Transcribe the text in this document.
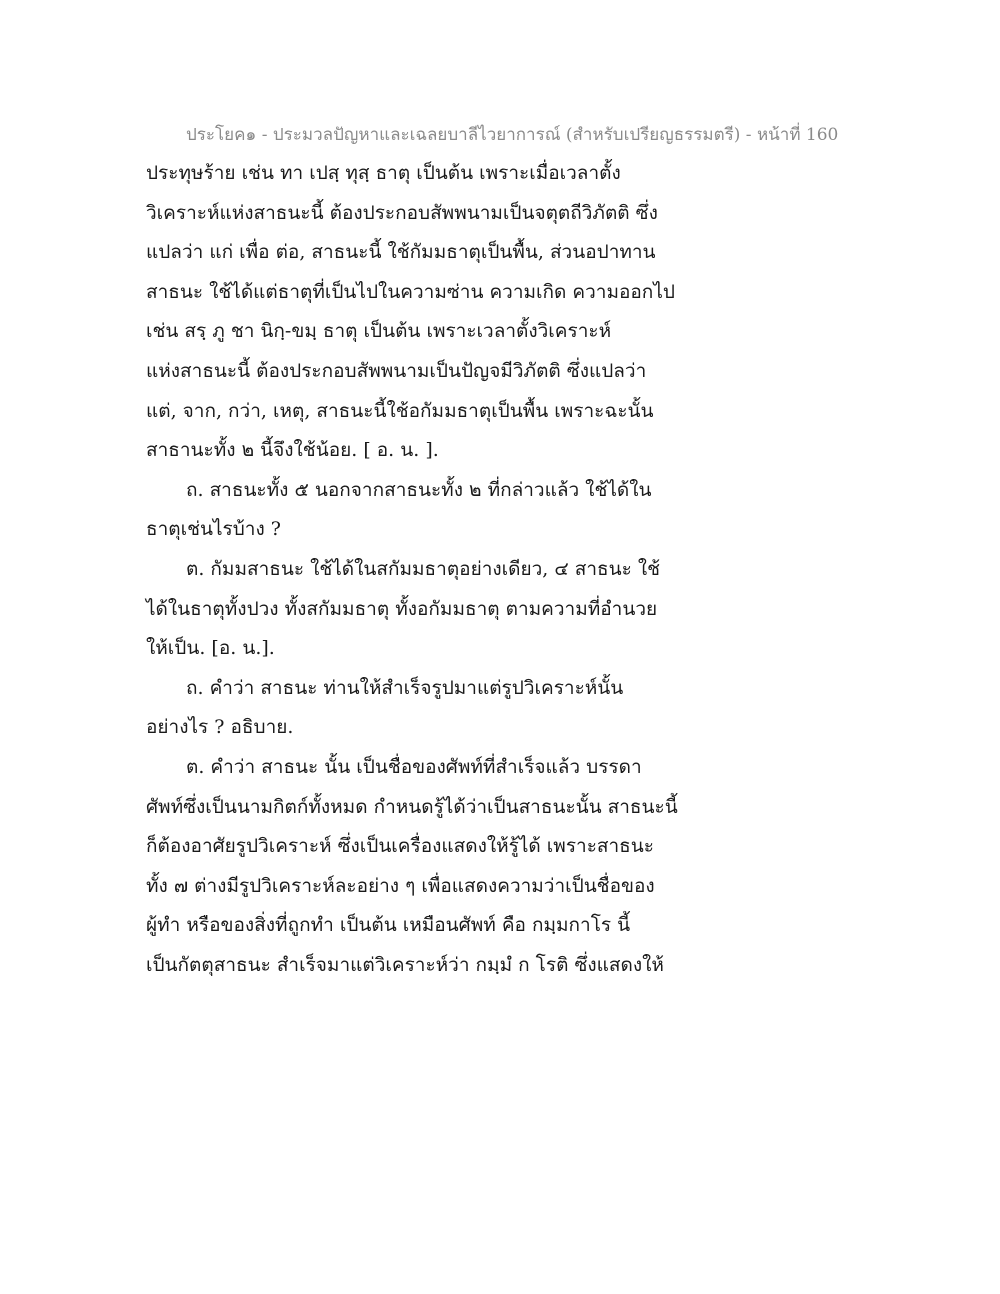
ประโยค๑ - ประมวลปัญหาและเฉลยบาลีไวยาการณ์ (สำหรับเปรียญธรรมตรี) - หน้าที่ 160
ประทุษร้าย เช่น ทา เปสฺ ทุสฺ ธาตุ เป็นต้น เพราะเมื่อเวลาตั้ง
วิเคราะห์แห่งสาธนะนี้ ต้องประกอบสัพพนามเป็นจตุตถีวิภัตติ ซึ่ง
แปลว่า แก่ เพื่อ ต่อ, สาธนะนี้ ใช้กัมมธาตุเป็นพื้น, ส่วนอปาทาน
สาธนะ ใช้ได้แต่ธาตุที่เป็นไปในความซ่าน ความเกิด ความออกไป
เช่น สรฺ ภู ชา นิกฺ-ขมฺ ธาตุ เป็นต้น เพราะเวลาตั้งวิเคราะห์
แห่งสาธนะนี้ ต้องประกอบสัพพนามเป็นปัญจมีวิภัตติ ซึ่งแปลว่า
แต่, จาก, กว่า, เหตุ, สาธนะนี้ใช้อกัมมธาตุเป็นพื้น เพราะฉะนั้น
สาธานะทั้ง ๒ นี้จึงใช้น้อย. [ อ. น. ].
ถ. สาธนะทั้ง ๕ นอกจากสาธนะทั้ง ๒ ที่กล่าวแล้ว ใช้ได้ใน
ธาตุเช่นไรบ้าง ?
ต. กัมมสาธนะ ใช้ได้ในสกัมมธาตุอย่างเดียว, ๔ สาธนะ ใช้
ได้ในธาตุทั้งปวง ทั้งสกัมมธาตุ ทั้งอกัมมธาตุ ตามความที่อำนวย
ให้เป็น. [อ. น.].
ถ. คำว่า สาธนะ ท่านให้สำเร็จรูปมาแต่รูปวิเคราะห์นั้น
อย่างไร ? อธิบาย.
ต. คำว่า สาธนะ นั้น เป็นชื่อของศัพท์ที่สำเร็จแล้ว บรรดา
ศัพท์ซึ่งเป็นนามกิตก์ทั้งหมด กำหนดรู้ได้ว่าเป็นสาธนะนั้น สาธนะนี้
ก็ต้องอาศัยรูปวิเคราะห์ ซึ่งเป็นเครื่องแสดงให้รู้ได้ เพราะสาธนะ
ทั้ง ๗ ต่างมีรูปวิเคราะห์ละอย่าง ๆ เพื่อแสดงความว่าเป็นชื่อของ
ผู้ทำ หรือของสิ่งที่ถูกทำ เป็นต้น เหมือนศัพท์ คือ กมฺมกาโร นี้
เป็นกัตตุสาธนะ สำเร็จมาแต่วิเคราะห์ว่า กมฺมํ ก โรติ ซึ่งแสดงให้
